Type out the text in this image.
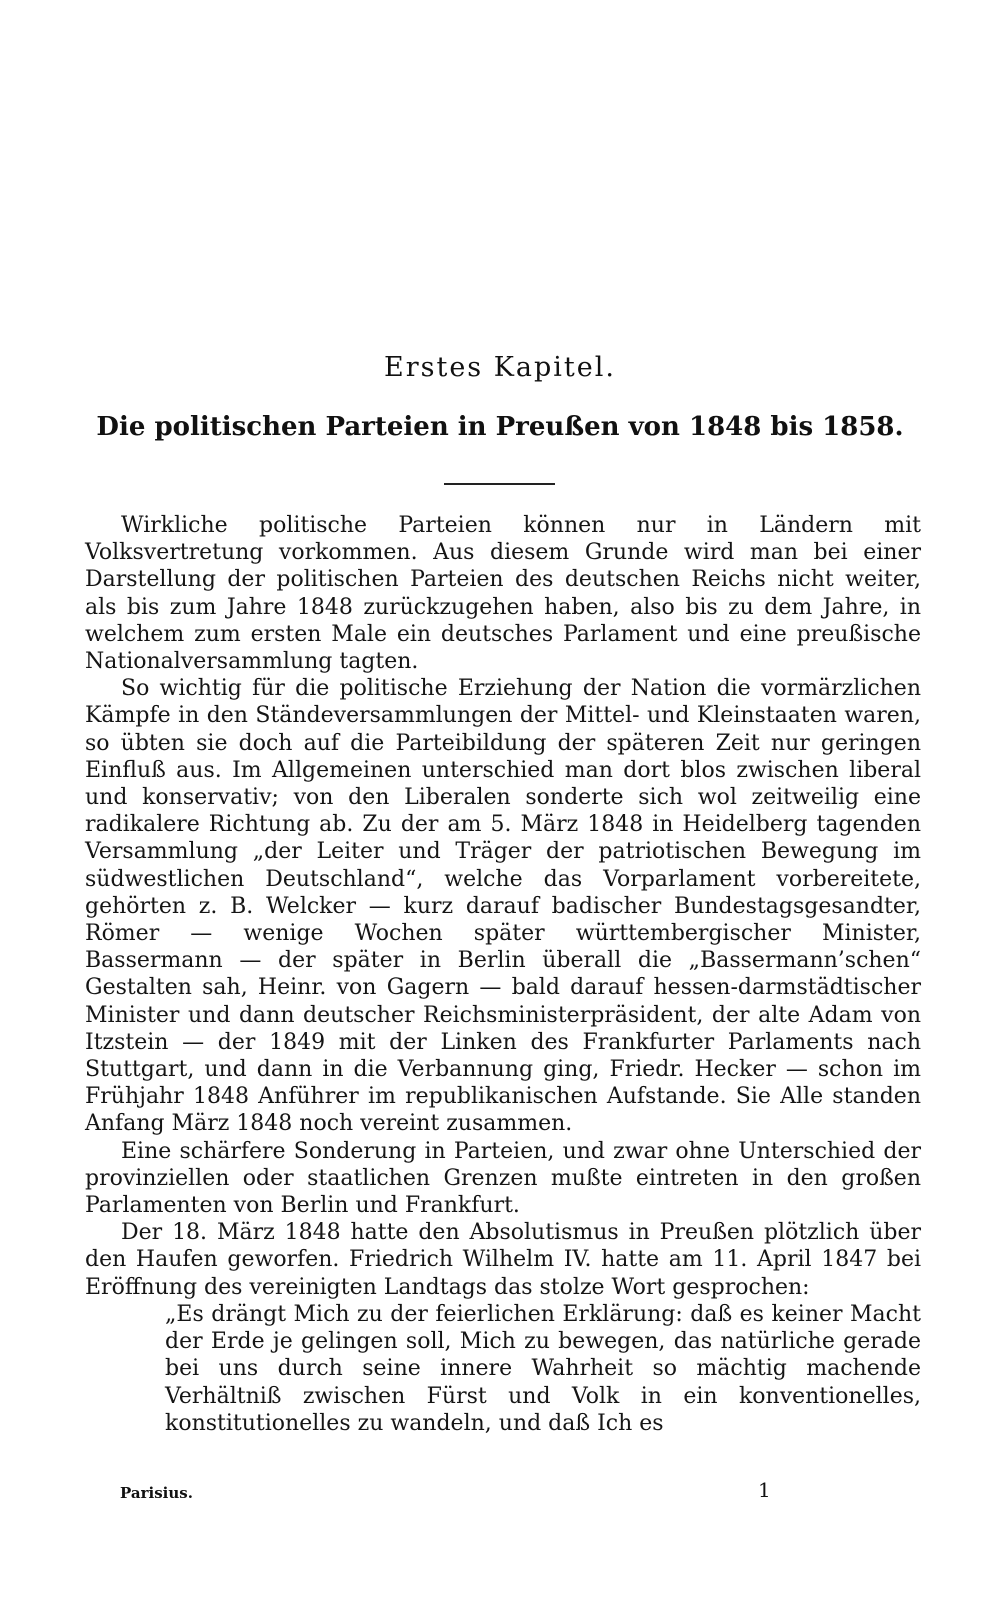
Erstes Kapitel.
Die politischen Parteien in Preußen von 1848 bis 1858.

Wirkliche politische Parteien können nur in Ländern mit Volksvertretung vorkommen. Aus diesem Grunde wird man bei einer Darstellung der politischen Parteien des deutschen Reichs nicht weiter, als bis zum Jahre 1848 zurückzugehen haben, also bis zu dem Jahre, in welchem zum ersten Male ein deutsches Parlament und eine preußische Nationalversammlung tagten.

So wichtig für die politische Erziehung der Nation die vormärzlichen Kämpfe in den Ständeversammlungen der Mittel- und Kleinstaaten waren, so übten sie doch auf die Parteibildung der späteren Zeit nur geringen Einfluß aus. Im Allgemeinen unterschied man dort blos zwischen liberal und konservativ; von den Liberalen sonderte sich wol zeitweilig eine radikalere Richtung ab. Zu der am 5. März 1848 in Heidelberg tagenden Versammlung „der Leiter und Träger der patriotischen Bewegung im südwestlichen Deutschland“, welche das Vorparlament vorbereitete, gehörten z. B. Welcker — kurz darauf badischer Bundestagsgesandter, Römer — wenige Wochen später württembergischer Minister, Bassermann — der später in Berlin überall die „Bassermann’schen“ Gestalten sah, Heinr. von Gagern — bald darauf hessen-darmstädtischer Minister und dann deutscher Reichsministerpräsident, der alte Adam von Itzstein — der 1849 mit der Linken des Frankfurter Parlaments nach Stuttgart, und dann in die Verbannung ging, Friedr. Hecker — schon im Frühjahr 1848 Anführer im republikanischen Aufstande. Sie Alle standen Anfang März 1848 noch vereint zusammen.

Eine schärfere Sonderung in Parteien, und zwar ohne Unterschied der provinziellen oder staatlichen Grenzen mußte eintreten in den großen Parlamenten von Berlin und Frankfurt.

Der 18. März 1848 hatte den Absolutismus in Preußen plötzlich über den Haufen geworfen. Friedrich Wilhelm IV. hatte am 11. April 1847 bei Eröffnung des vereinigten Landtags das stolze Wort gesprochen:

„Es drängt Mich zu der feierlichen Erklärung: daß es keiner Macht der Erde je gelingen soll, Mich zu bewegen, das natürliche gerade bei uns durch seine innere Wahrheit so mächtig machende Verhältniß zwischen Fürst und Volk in ein konventionelles, konstitutionelles zu wandeln, und daß Ich es

Parisius.	1
